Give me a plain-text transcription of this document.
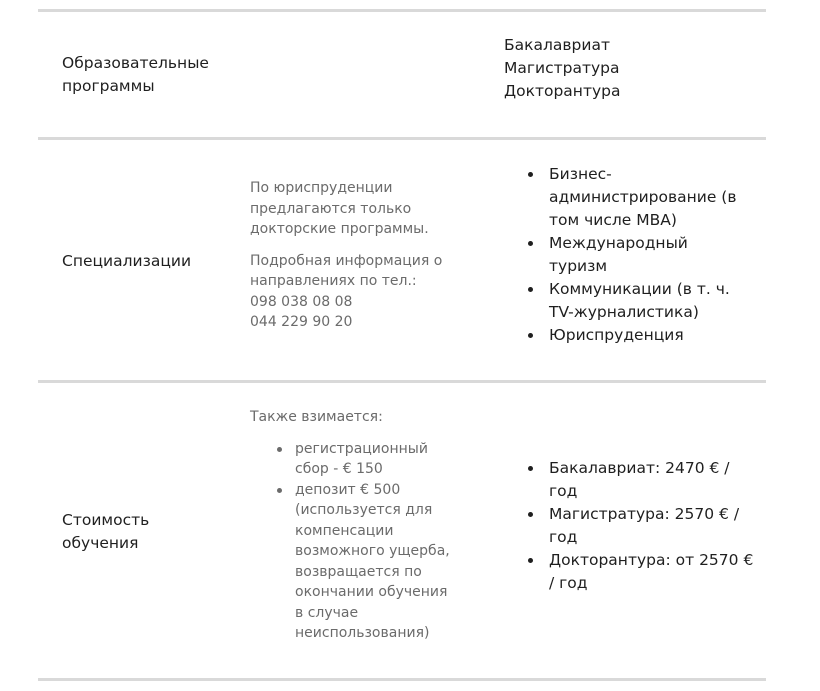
Образовательные
программы
Бакалавриат
Магистратура
Докторантура
Специализации

По юриспруденции
предлагаются только
докторские программы.

Подробная информация о
направлениях по тел.:
098 038 08 08
044 229 90 20

Бизнес-
администрирование (в
том числе МВА)
Международный
туризм
Коммуникации (в т. ч.
TV-журналистика)
Юриспруденция
Стоимость
обучения

Также взимается:

регистрационный
сбор - € 150
депозит € 500
(используется для
компенсации
возможного ущерба,
возвращается по
окончании обучения
в случае
неиспользования)
Бакалавриат: 2470 € /
год
Магистратура: 2570 € /
год
Докторантура: от 2570 €
/ год
